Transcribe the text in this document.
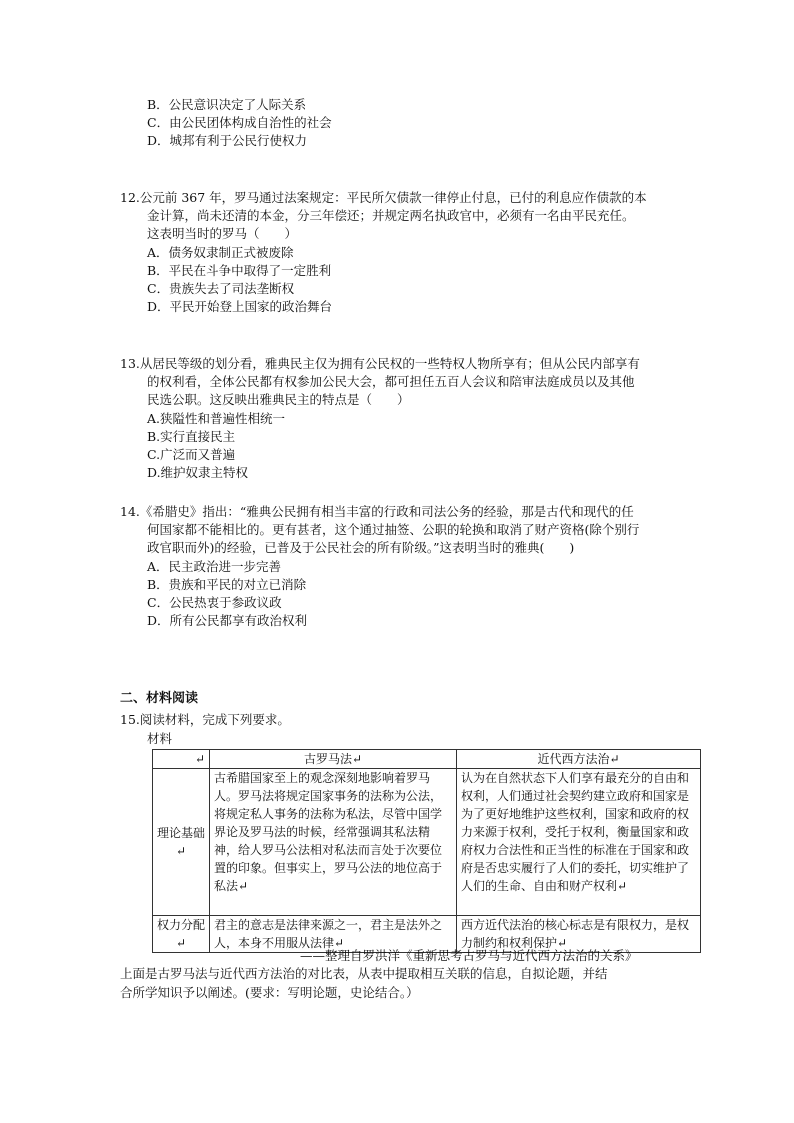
B．公民意识决定了人际关系
C．由公民团体构成自治性的社会
D．城邦有利于公民行使权力
12.公元前 367 年，罗马通过法案规定：平民所欠债款一律停止付息，已付的利息应作债款的本
金计算，尚未还清的本金，分三年偿还；并规定两名执政官中，必须有一名由平民充任。
这表明当时的罗马（　　）
A．债务奴隶制正式被废除
B．平民在斗争中取得了一定胜利
C．贵族失去了司法垄断权
D．平民开始登上国家的政治舞台
13.从居民等级的划分看，雅典民主仅为拥有公民权的一些特权人物所享有；但从公民内部享有
的权利看，全体公民都有权参加公民大会，都可担任五百人会议和陪审法庭成员以及其他
民选公职。这反映出雅典民主的特点是（　　）
A.狭隘性和普遍性相统一
B.实行直接民主
C.广泛而又普遍
D.维护奴隶主特权
14.《希腊史》指出：“雅典公民拥有相当丰富的行政和司法公务的经验，那是古代和现代的任
何国家都不能相比的。更有甚者，这个通过抽签、公职的轮换和取消了财产资格(除个别行
政官职而外)的经验，已普及于公民社会的所有阶级。”这表明当时的雅典(　　)
A．民主政治进一步完善
B．贵族和平民的对立已消除
C．公民热衷于参政议政
D．所有公民都享有政治权利
二、材料阅读
15.阅读材料，完成下列要求。
材料
↵	古罗马法↵	近代西方法治↵
理论基础↵	古希腊国家至上的观念深刻地影响着罗马人。罗马法将规定国家事务的法称为公法，将规定私人事务的法称为私法，尽管中国学界论及罗马法的时候，经常强调其私法精神，给人罗马公法相对私法而言处于次要位置的印象。但事实上，罗马公法的地位高于私法↵	认为在自然状态下人们享有最充分的自由和权利，人们通过社会契约建立政府和国家是为了更好地维护这些权利，国家和政府的权力来源于权利，受托于权利，衡量国家和政府权力合法性和正当性的标准在于国家和政府是否忠实履行了人们的委托，切实维护了人们的生命、自由和财产权利↵
权力分配↵	君主的意志是法律来源之一，君主是法外之人，本身不用服从法律↵	西方近代法治的核心标志是有限权力，是权力制约和权利保护↵
——整理自罗洪洋《重新思考古罗马与近代西方法治的关系》
上面是古罗马法与近代西方法治的对比表，从表中提取相互关联的信息，自拟论题，并结
合所学知识予以阐述。(要求：写明论题，史论结合。）
